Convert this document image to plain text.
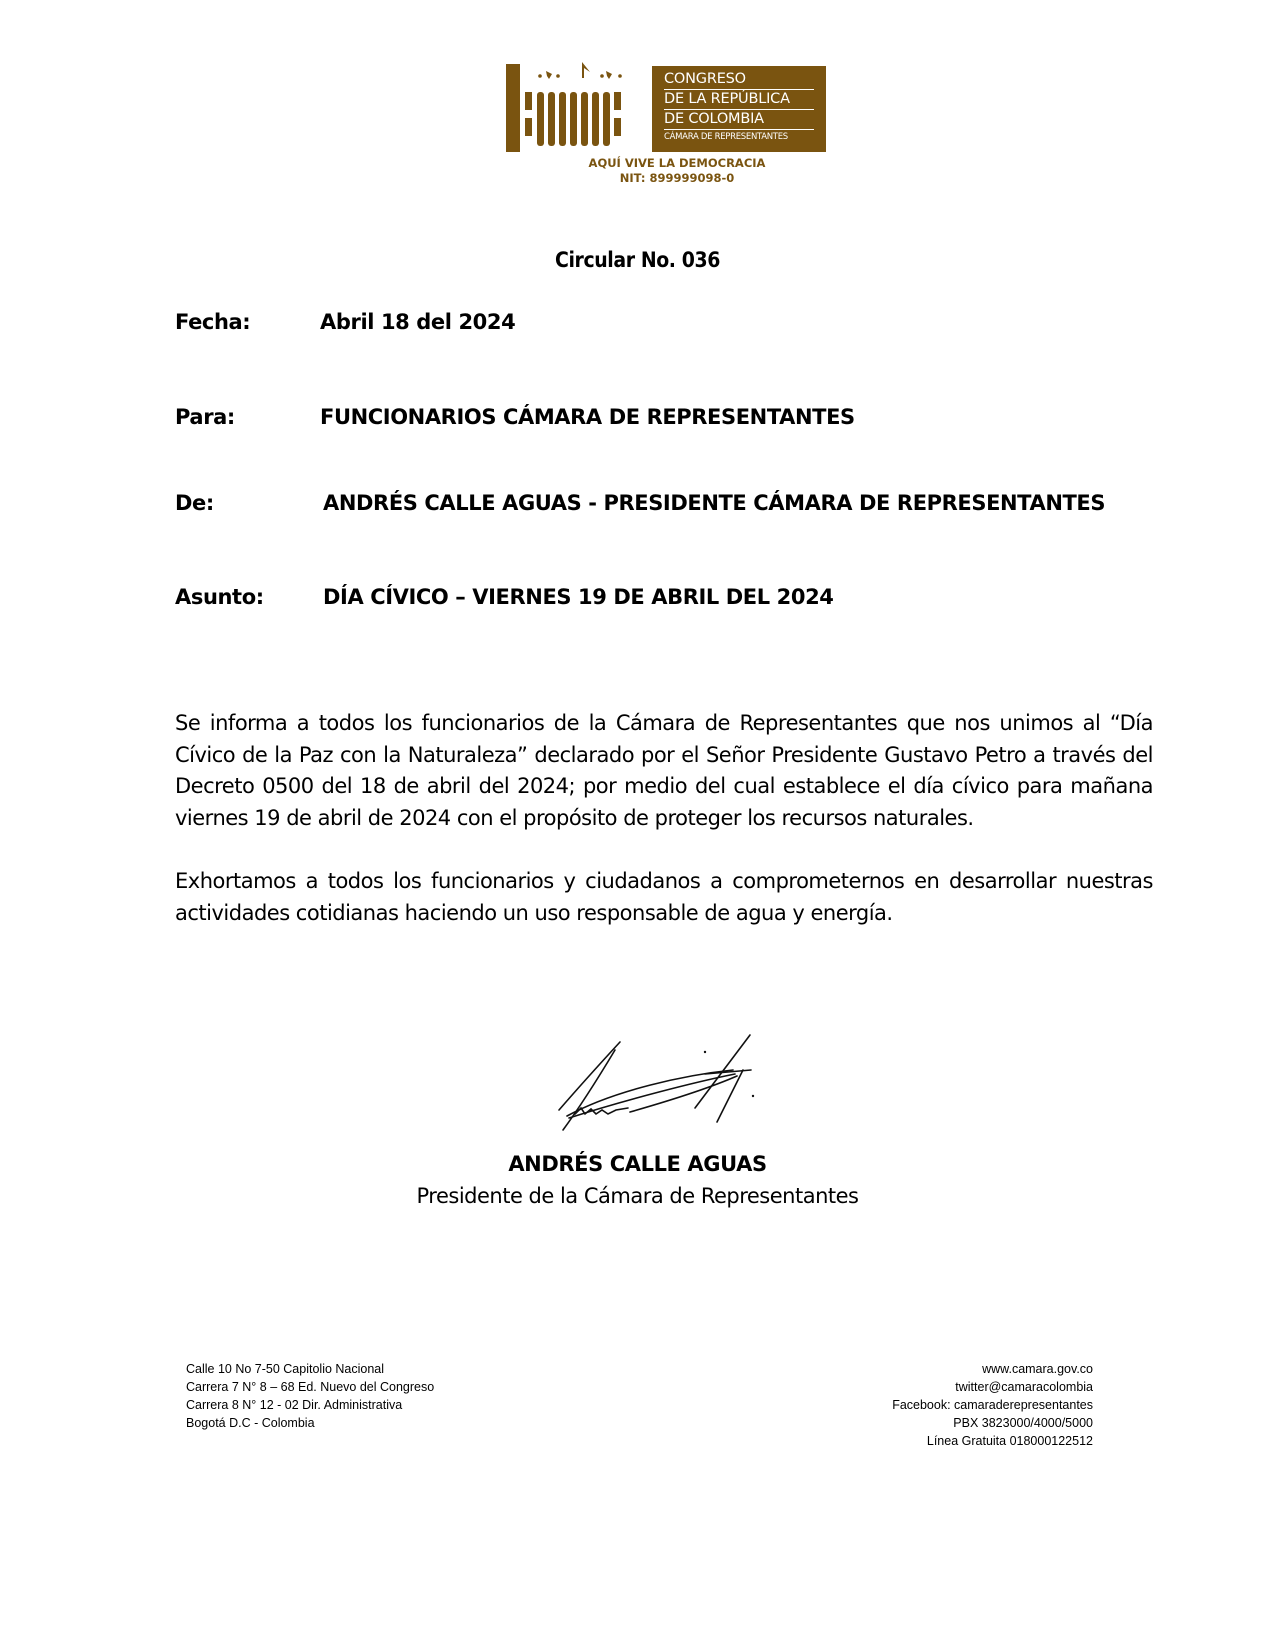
CONGRESO
DE LA REPÚBLICA
DE COLOMBIA
CÁMARA DE REPRESENTANTES
AQUÍ VIVE LA DEMOCRACIA
NIT: 899999098-0
Circular No. 036
Fecha:	Abril 18 del 2024
Para:	FUNCIONARIOS CÁMARA DE REPRESENTANTES
De:	ANDRÉS CALLE AGUAS - PRESIDENTE CÁMARA DE REPRESENTANTES
Asunto:	DÍA CÍVICO – VIERNES 19 DE ABRIL DEL 2024

Se informa a todos los funcionarios de la Cámara de Representantes que nos unimos al “Día Cívico de la Paz con la Naturaleza” declarado por el Señor Presidente Gustavo Petro a través del Decreto 0500 del 18 de abril del 2024; por medio del cual establece el día cívico para mañana viernes 19 de abril de 2024 con el propósito de proteger los recursos naturales.

Exhortamos a todos los funcionarios y ciudadanos a comprometernos en desarrollar nuestras actividades cotidianas haciendo un uso responsable de agua y energía.

ANDRÉS CALLE AGUAS
Presidente de la Cámara de Representantes
Calle 10 No 7-50 Capitolio Nacional
Carrera 7 N° 8 – 68 Ed. Nuevo del Congreso
Carrera 8 N° 12 - 02 Dir. Administrativa
Bogotá D.C - Colombia
www.camara.gov.co
twitter@camaracolombia
Facebook: camaraderepresentantes
PBX 3823000/4000/5000
Línea Gratuita 018000122512
